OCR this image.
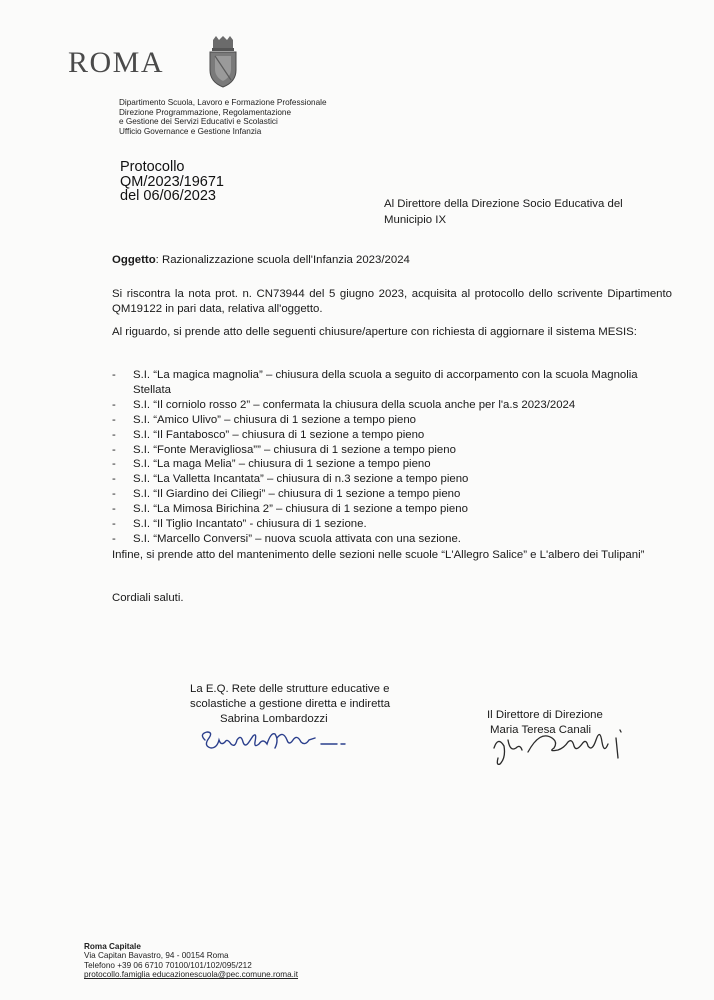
ROMA
Dipartimento Scuola, Lavoro e Formazione Professionale
Direzione Programmazione, Regolamentazione
e Gestione dei Servizi Educativi e Scolastici
Ufficio Governance e Gestione Infanzia
Protocollo
QM/2023/19671
del 06/06/2023	Al Direttore della Direzione Socio Educativa del
Municipio IX
Oggetto: Razionalizzazione scuola dell'Infanzia 2023/2024
Si riscontra la nota prot. n. CN73944 del 5 giugno 2023, acquisita al protocollo dello scrivente Dipartimento QM19122 in pari data, relativa all'oggetto.
Al riguardo, si prende atto delle seguenti chiusure/aperture con richiesta di aggiornare il sistema MESIS:
- S.I. “La magica magnolia” – chiusura della scuola a seguito di accorpamento con la scuola Magnolia Stellata
- S.I. “Il corniolo rosso 2” – confermata la chiusura della scuola anche per l'a.s 2023/2024
- S.I. “Amico Ulivo” – chiusura di 1 sezione a tempo pieno
- S.I. “Il Fantabosco” – chiusura di 1 sezione a tempo pieno
- S.I. “Fonte Meravigliosa”” – chiusura di 1 sezione a tempo pieno
- S.I. “La maga Melia” – chiusura di 1 sezione a tempo pieno
- S.I. “La Valletta Incantata” – chiusura di n.3 sezione a tempo pieno
- S.I. “Il Giardino dei Ciliegi” – chiusura di 1 sezione a tempo pieno
- S.I. “La Mimosa Birichina 2” – chiusura di 1 sezione a tempo pieno
- S.I. “Il Tiglio Incantato” - chiusura di 1 sezione.
- S.I. “Marcello Conversi” – nuova scuola attivata con una sezione.
Infine, si prende atto del mantenimento delle sezioni nelle scuole “L'Allegro Salice” e L'albero dei Tulipani”
Cordiali saluti.
La E.Q. Rete delle strutture educative e
scolastiche a gestione diretta e indiretta
Sabrina Lombardozzi	Il Direttore di Direzione
Maria Teresa Canali
Roma Capitale
Via Capitan Bavastro, 94 - 00154 Roma
Telefono +39 06 6710 70100/101/102/095/212
protocollo.famiglia educazionescuola@pec.comune.roma.it
